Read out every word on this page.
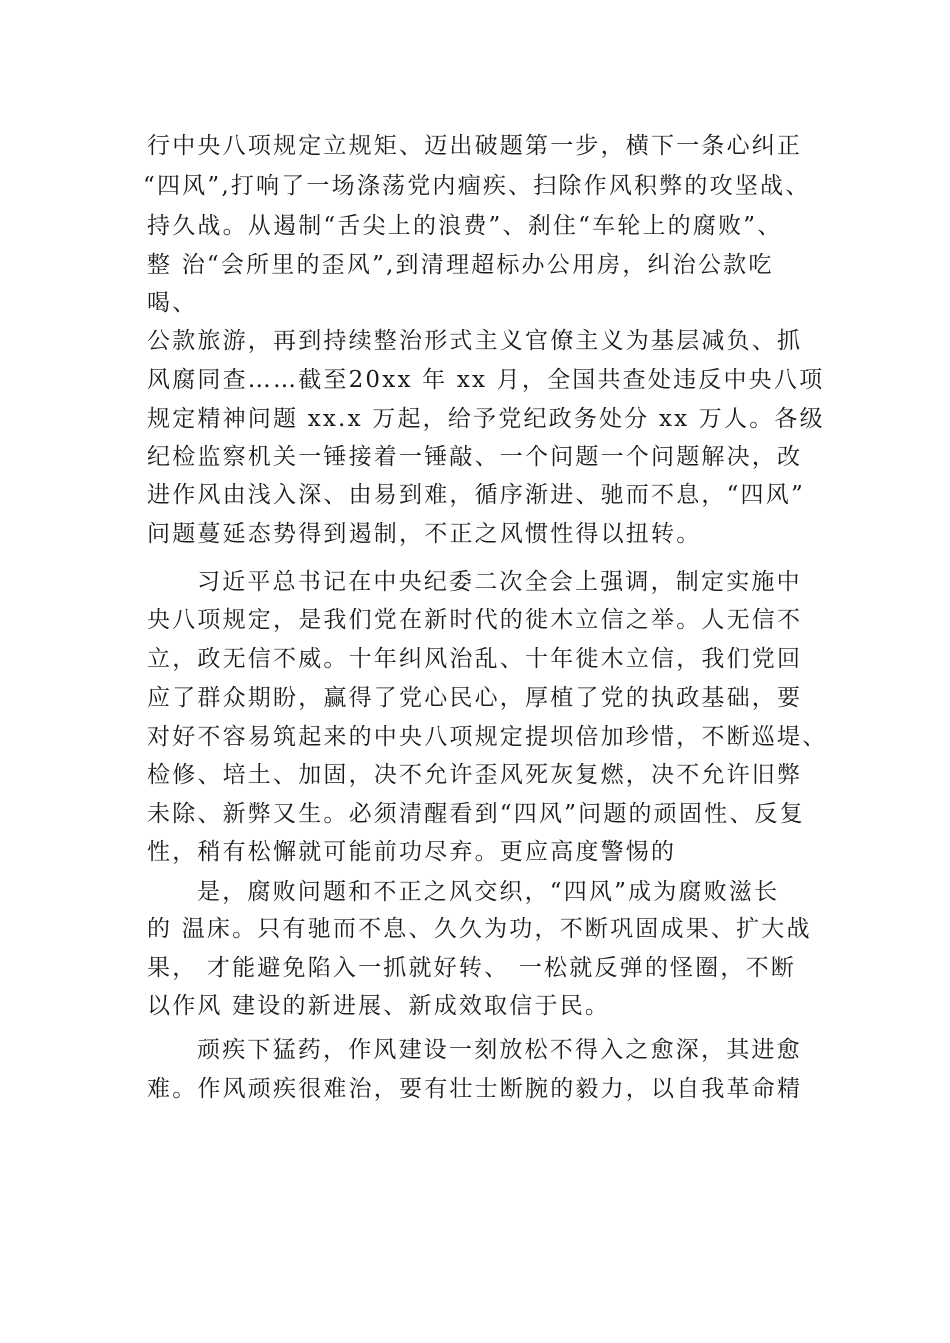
行中央八项规定立规矩、迈出破题第一步，横下一条心纠正
“四风”,打响了一场涤荡党内痼疾、扫除作风积弊的攻坚战、
持久战。从遏制“舌尖上的浪费”、刹住“车轮上的腐败”、
整 治“会所里的歪风”,到清理超标办公用房，纠治公款吃
喝、
公款旅游，再到持续整治形式主义官僚主义为基层减负、抓
风腐同查……截至20xx 年 xx 月，全国共查处违反中央八项
规定精神问题 xx.x 万起，给予党纪政务处分 xx 万人。各级
纪检监察机关一锤接着一锤敲、一个问题一个问题解决，改
进作风由浅入深、由易到难，循序渐进、驰而不息，“四风”
问题蔓延态势得到遏制，不正之风惯性得以扭转。
习近平总书记在中央纪委二次全会上强调，制定实施中
央八项规定，是我们党在新时代的徙木立信之举。人无信不
立，政无信不威。十年纠风治乱、十年徙木立信，我们党回
应了群众期盼，赢得了党心民心，厚植了党的执政基础，要
对好不容易筑起来的中央八项规定提坝倍加珍惜，不断巡堤、
检修、培土、加固，决不允许歪风死灰复燃，决不允许旧弊
未除、新弊又生。必须清醒看到“四风”问题的顽固性、反复
性，稍有松懈就可能前功尽弃。更应高度警惕的
是，腐败问题和不正之风交织，“四风”成为腐败滋长
的 温床。只有驰而不息、久久为功，不断巩固成果、扩大战
果， 才能避免陷入一抓就好转、 一松就反弹的怪圈，不断
以作风 建设的新进展、新成效取信于民。
顽疾下猛药，作风建设一刻放松不得入之愈深，其进愈
难。作风顽疾很难治，要有壮士断腕的毅力，以自我革命精
